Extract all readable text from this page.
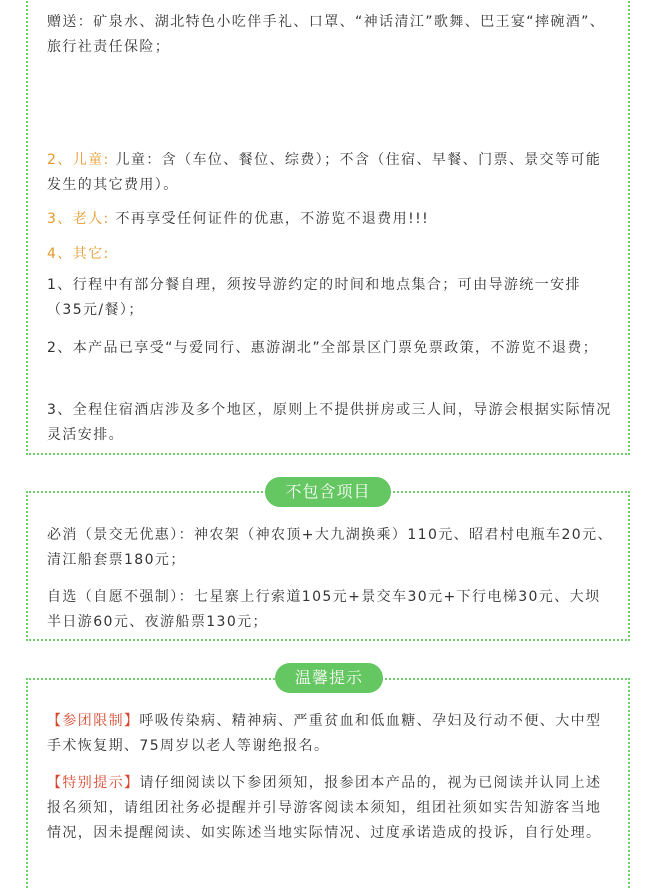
赠送：矿泉水、湖北特色小吃伴手礼、口罩、“神话清江”歌舞、巴王宴“摔碗酒”、旅行社责任保险；

2、儿童: 儿童：含（车位、餐位、综费）；不含（住宿、早餐、门票、景交等可能发生的其它费用）。

3、老人: 不再享受任何证件的优惠，不游览不退费用!!!

4、其它:

1、行程中有部分餐自理，须按导游约定的时间和地点集合；可由导游统一安排（35元/餐）；

2、本产品已享受“与爱同行、惠游湖北”全部景区门票免票政策，不游览不退费；

3、全程住宿酒店涉及多个地区，原则上不提供拼房或三人间，导游会根据实际情况灵活安排。

不包含项目

必消（景交无优惠）：神农架（神农顶+大九湖换乘）110元、昭君村电瓶车20元、清江船套票180元；

自选（自愿不强制）：七星寨上行索道105元+景交车30元+下行电梯30元、大坝半日游60元、夜游船票130元；

温馨提示

【参团限制】呼吸传染病、精神病、严重贫血和低血糖、孕妇及行动不便、大中型手术恢复期、75周岁以老人等谢绝报名。

【特别提示】请仔细阅读以下参团须知，报参团本产品的，视为已阅读并认同上述报名须知，请组团社务必提醒并引导游客阅读本须知，组团社须如实告知游客当地情况，因未提醒阅读、如实陈述当地实际情况、过度承诺造成的投诉，自行处理。
